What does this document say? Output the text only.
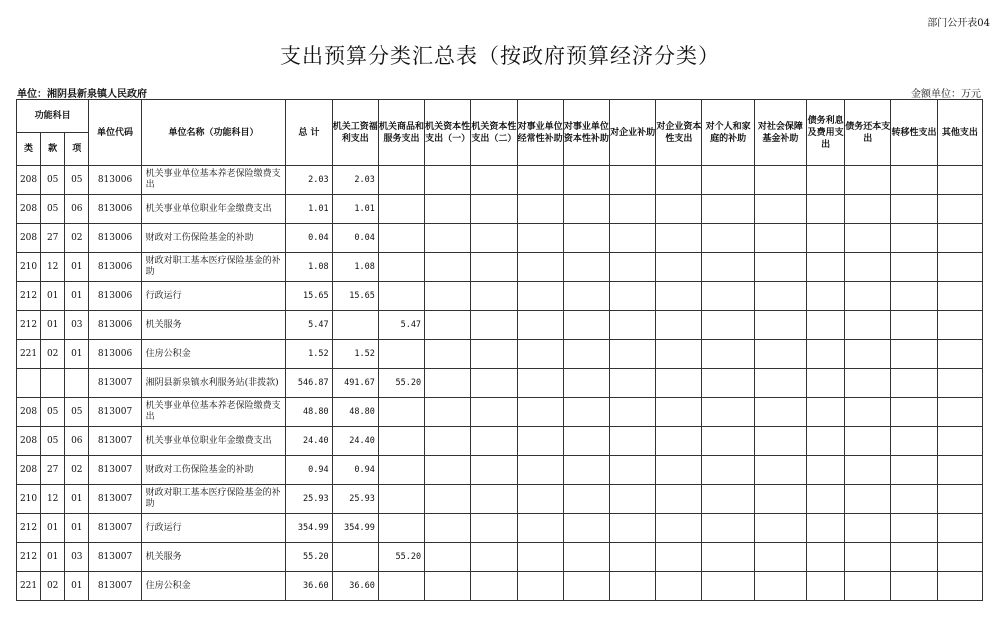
部门公开表04
支出预算分类汇总表（按政府预算经济分类）
单位：湘阴县新泉镇人民政府	金额单位：万元
功能科目			单位代码	单位名称（功能科目）	总 计	机关工资福利支出	机关商品和服务支出	机关资本性支出（一）	机关资本性支出（二）	对事业单位经常性补助	对事业单位资本性补助	对企业补助	对企业资本性支出	对个人和家庭的补助	对社会保障基金补助	债务利息及费用支出	债务还本支出	转移性支出	其他支出
类	款	项																	
208	05	05	813006	机关事业单位基本养老保险缴费支出	2.03	2.03													
208	05	06	813006	机关事业单位职业年金缴费支出	1.01	1.01													
208	27	02	813006	财政对工伤保险基金的补助	0.04	0.04													
210	12	01	813006	财政对职工基本医疗保险基金的补助	1.08	1.08													
212	01	01	813006	行政运行	15.65	15.65													
212	01	03	813006	机关服务	5.47		5.47												
221	02	01	813006	住房公积金	1.52	1.52													
			813007	湘阴县新泉镇水利服务站(非拨款)	546.87	491.67	55.20												
208	05	05	813007	机关事业单位基本养老保险缴费支出	48.80	48.80													
208	05	06	813007	机关事业单位职业年金缴费支出	24.40	24.40													
208	27	02	813007	财政对工伤保险基金的补助	0.94	0.94													
210	12	01	813007	财政对职工基本医疗保险基金的补助	25.93	25.93													
212	01	01	813007	行政运行	354.99	354.99													
212	01	03	813007	机关服务	55.20		55.20												
221	02	01	813007	住房公积金	36.60	36.60													
